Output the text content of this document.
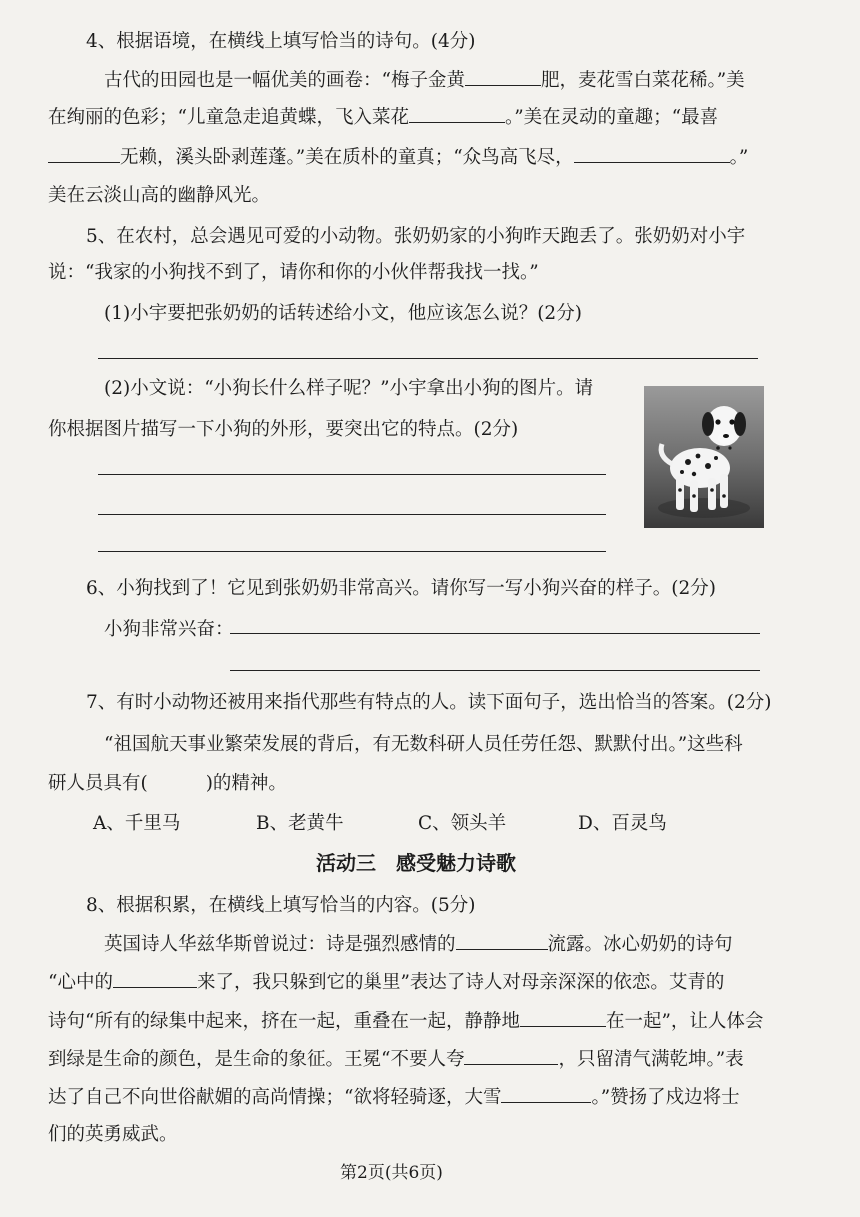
4、根据语境，在横线上填写恰当的诗句。(4分)
古代的田园也是一幅优美的画卷：“梅子金黄	肥，麦花雪白菜花稀。”美
在绚丽的色彩；“儿童急走追黄蝶，飞入菜花	。”美在灵动的童趣；“最喜
无赖，溪头卧剥莲蓬。”美在质朴的童真；“众鸟高飞尽，	。”
美在云淡山高的幽静风光。
5、在农村，总会遇见可爱的小动物。张奶奶家的小狗昨天跑丢了。张奶奶对小宇
说：“我家的小狗找不到了，请你和你的小伙伴帮我找一找。”
(1)小宇要把张奶奶的话转述给小文，他应该怎么说？(2分)
(2)小文说：“小狗长什么样子呢？”小宇拿出小狗的图片。请
你根据图片描写一下小狗的外形，要突出它的特点。(2分)
6、小狗找到了！它见到张奶奶非常高兴。请你写一写小狗兴奋的样子。(2分)
小狗非常兴奋：
7、有时小动物还被用来指代那些有特点的人。读下面句子，选出恰当的答案。(2分)
“祖国航天事业繁荣发展的背后，有无数科研人员任劳任怨、默默付出。”这些科
研人员具有(	)的精神。
A、千里马	B、老黄牛	C、领头羊	D、百灵鸟
活动三　感受魅力诗歌
8、根据积累，在横线上填写恰当的内容。(5分)
英国诗人华兹华斯曾说过：诗是强烈感情的	流露。冰心奶奶的诗句
“心中的	来了，我只躲到它的巢里”表达了诗人对母亲深深的依恋。艾青的
诗句“所有的绿集中起来，挤在一起，重叠在一起，静静地	在一起”，让人体会
到绿是生命的颜色，是生命的象征。王冕“不要人夸	，只留清气满乾坤。”表
达了自己不向世俗献媚的高尚情操；“欲将轻骑逐，大雪	。”赞扬了戍边将士
们的英勇威武。
第2页(共6页)
